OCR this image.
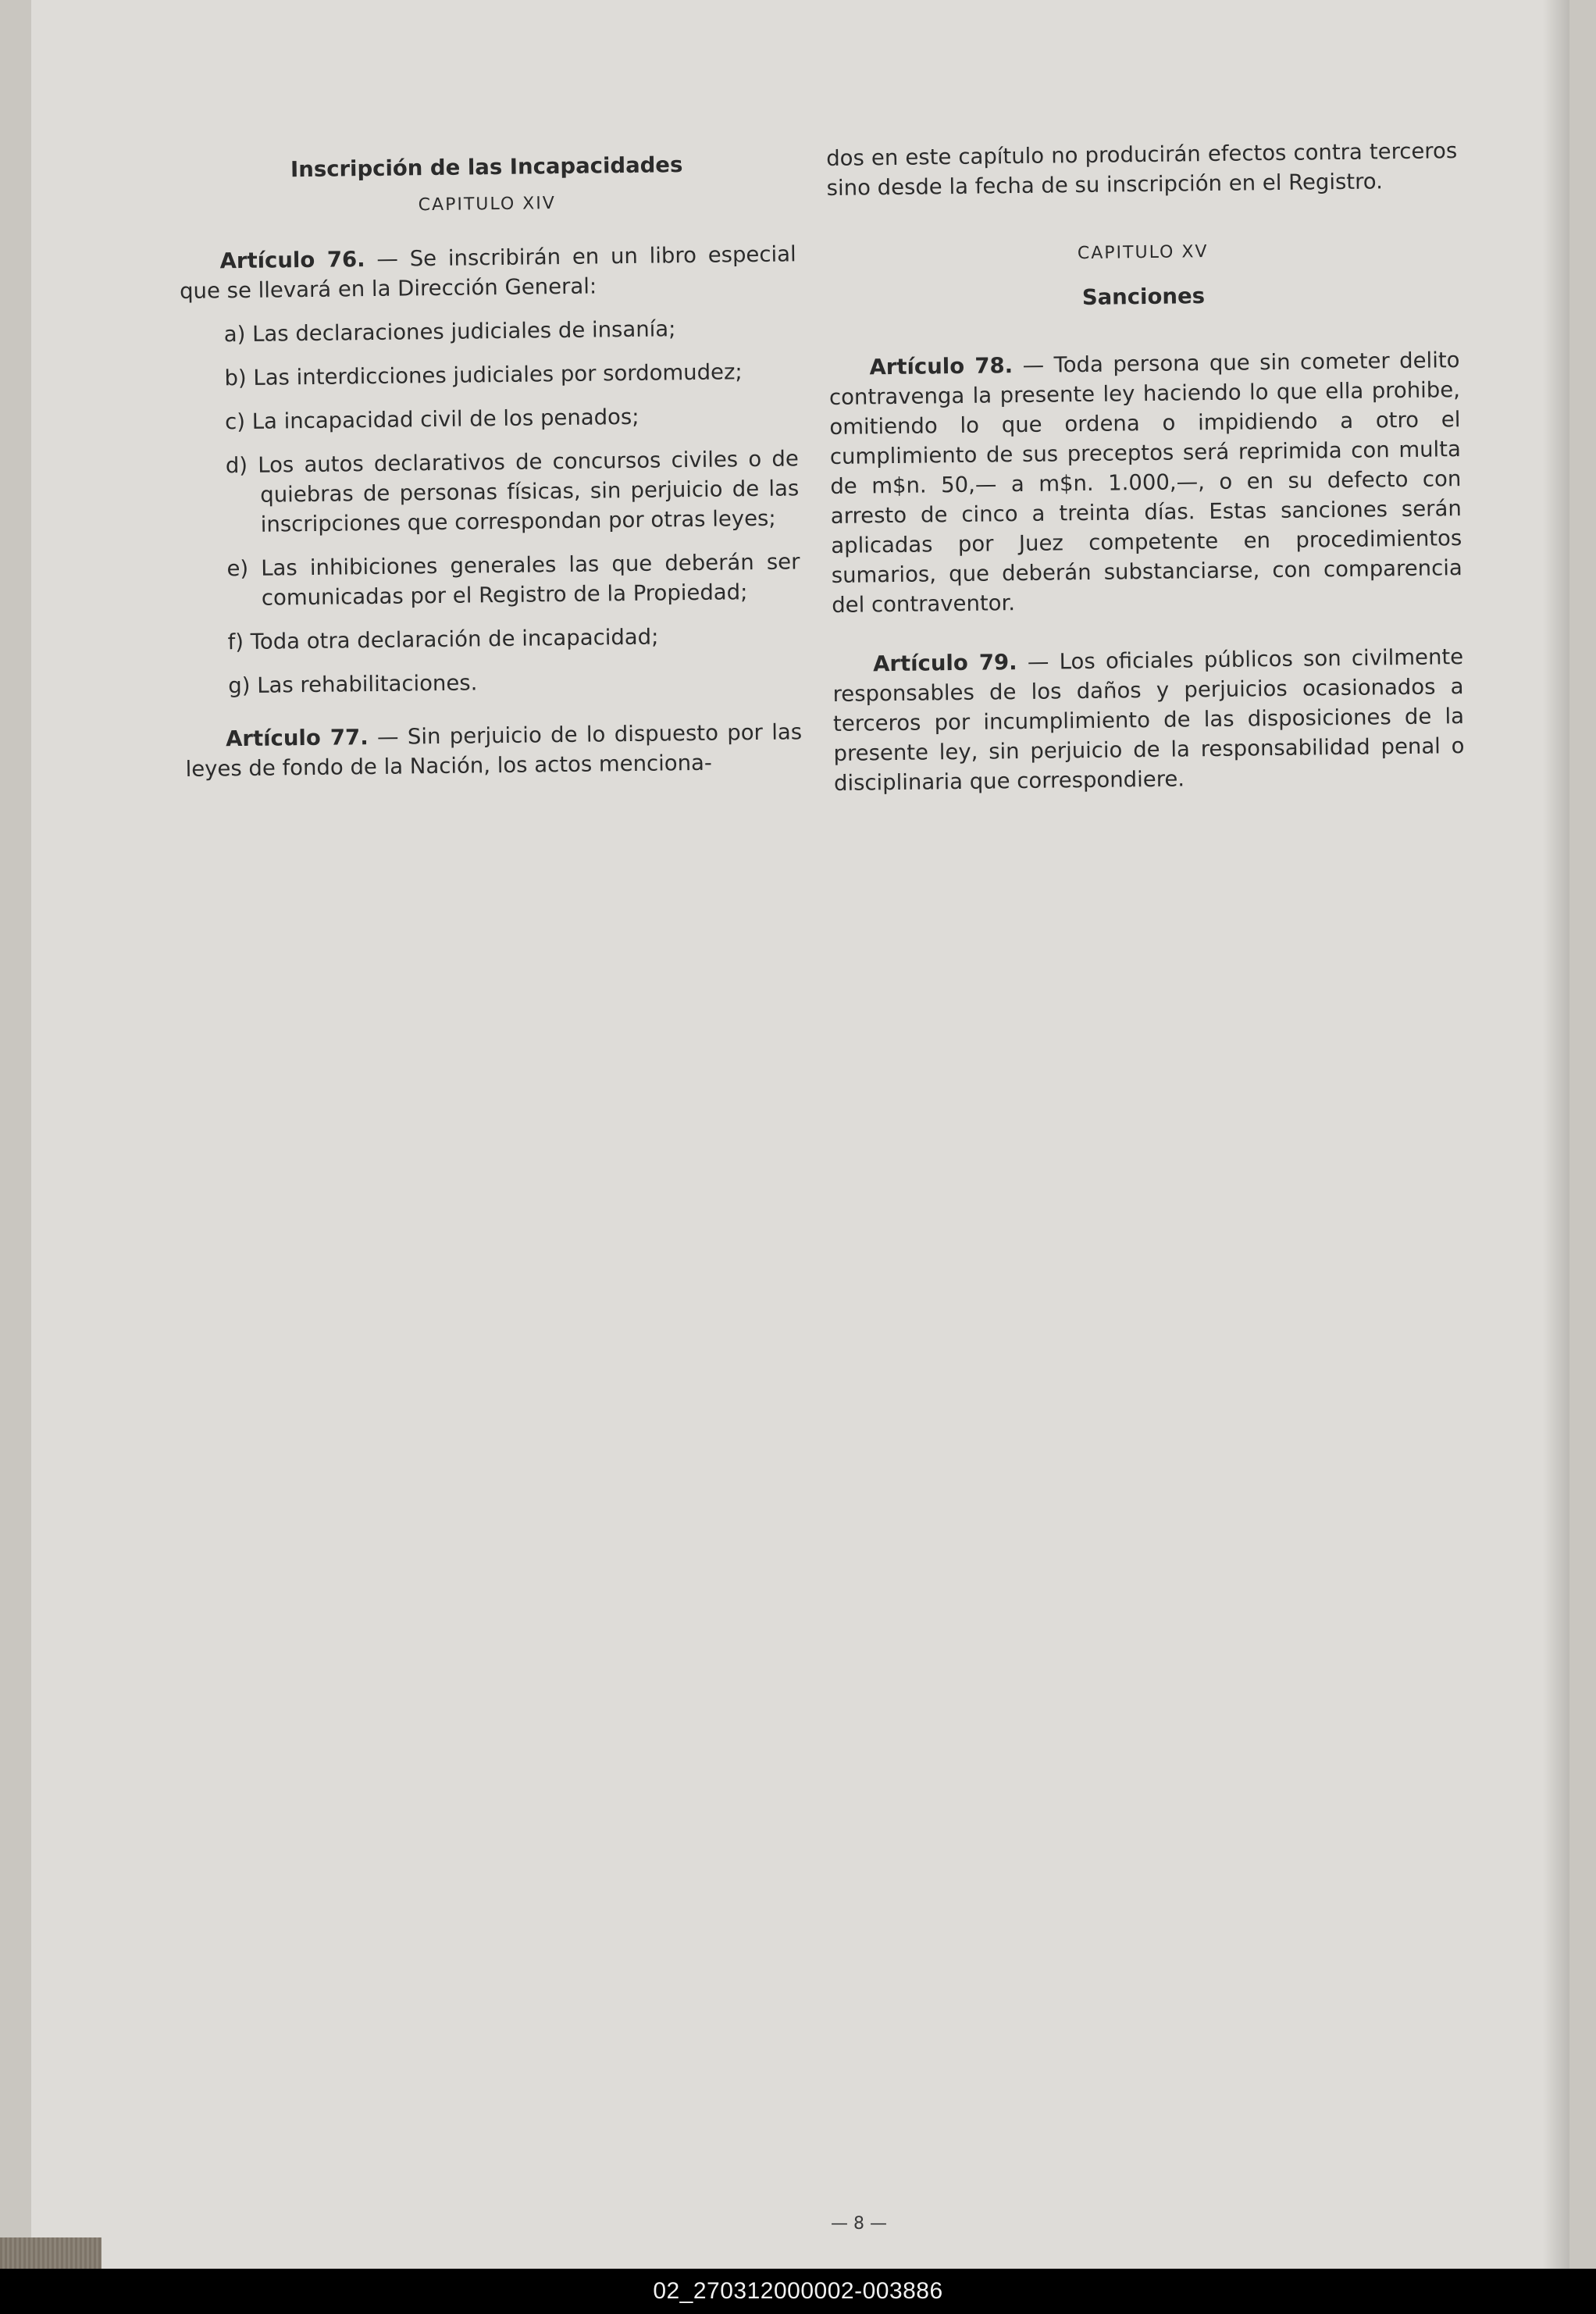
Inscripción de las Incapacidades
CAPITULO XIV

Artículo 76. — Se inscribirán en un libro especial que se llevará en la Dirección General:

a) Las declaraciones judiciales de insanía;

b) Las interdicciones judiciales por sordomudez;

c) La incapacidad civil de los penados;

d) Los autos declarativos de concursos civiles o de quiebras de personas físicas, sin perjuicio de las inscripciones que correspondan por otras leyes;

e) Las inhibiciones generales las que deberán ser comunicadas por el Registro de la Propiedad;

f) Toda otra declaración de incapacidad;

g) Las rehabilitaciones.

Artículo 77. — Sin perjuicio de lo dispuesto por las leyes de fondo de la Nación, los actos menciona-

dos en este capítulo no producirán efectos contra terceros sino desde la fecha de su inscripción en el Registro.

CAPITULO XV
Sanciones

Artículo 78. — Toda persona que sin cometer delito contravenga la presente ley haciendo lo que ella prohibe, omitiendo lo que ordena o impidiendo a otro el cumplimiento de sus preceptos será reprimida con multa de m$n. 50,— a m$n. 1.000,—, o en su defecto con arresto de cinco a treinta días. Estas sanciones serán aplicadas por Juez competente en procedimientos sumarios, que deberán substanciarse, con comparencia del contraventor.

Artículo 79. — Los oficiales públicos son civilmente responsables de los daños y perjuicios ocasionados a terceros por incumplimiento de las disposiciones de la presente ley, sin perjuicio de la responsabilidad penal o disciplinaria que correspondiere.

— 8 —
02_270312000002-003886
